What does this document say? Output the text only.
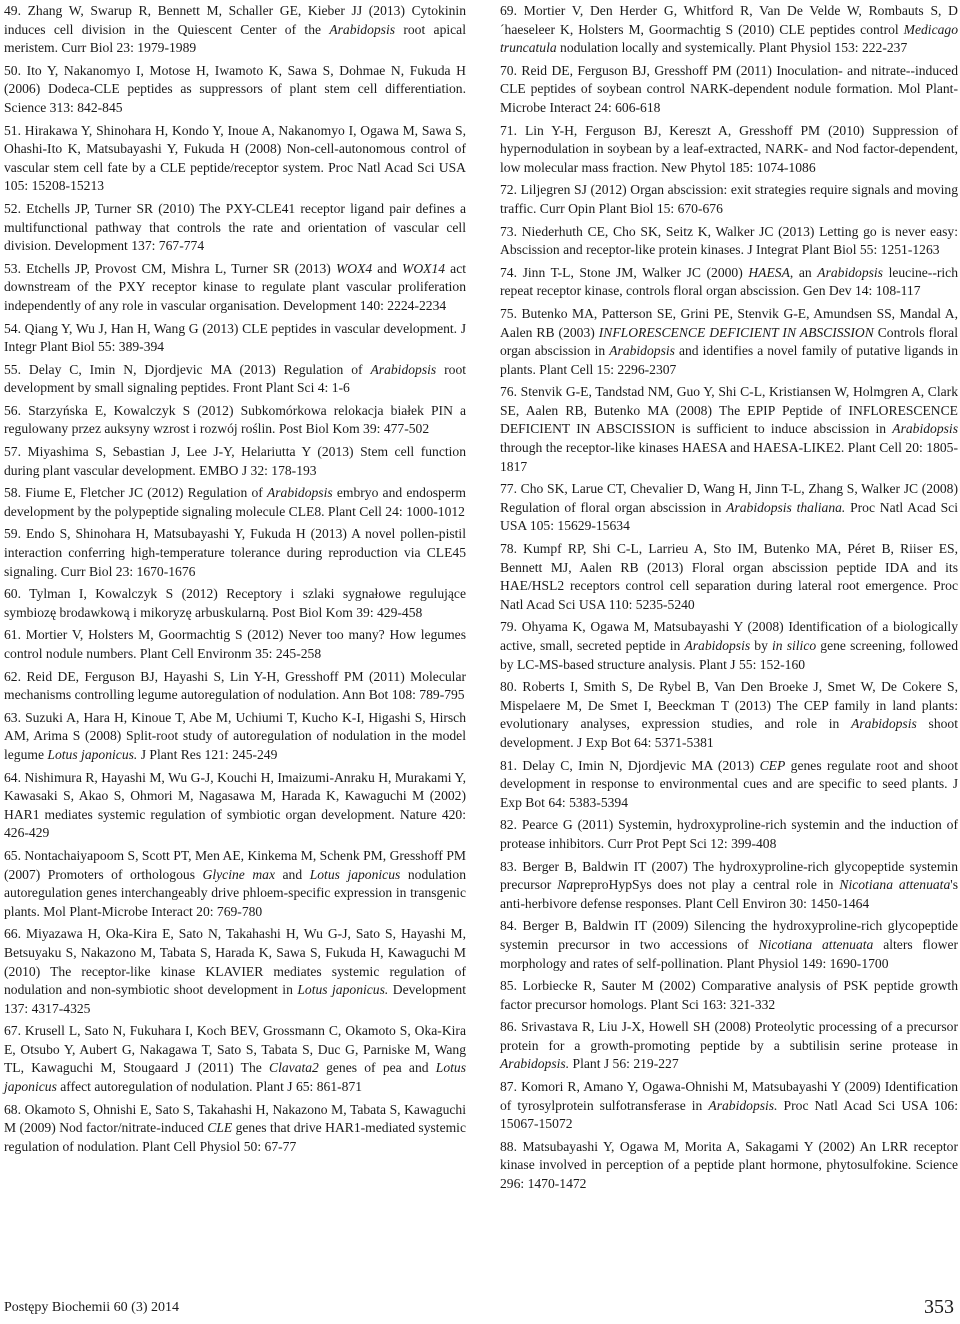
49. Zhang W, Swarup R, Bennett M, Schaller GE, Kieber JJ (2013) Cytokinin induces cell division in the Quiescent Center of the Arabidopsis root apical meristem. Curr Biol 23: 1979-1989

50. Ito Y, Nakanomyo I, Motose H, Iwamoto K, Sawa S, Dohmae N, Fukuda H (2006) Dodeca-CLE peptides as suppressors of plant stem cell differentiation. Science 313: 842-845

51. Hirakawa Y, Shinohara H, Kondo Y, Inoue A, Nakanomyo I, Ogawa M, Sawa S, Ohashi-Ito K, Matsubayashi Y, Fukuda H (2008) Non-cell-autonomous control of vascular stem cell fate by a CLE peptide/receptor system. Proc Natl Acad Sci USA 105: 15208-15213

52. Etchells JP, Turner SR (2010) The PXY-CLE41 receptor ligand pair defines a multifunctional pathway that controls the rate and orientation of vascular cell division. Development 137: 767-774

53. Etchells JP, Provost CM, Mishra L, Turner SR (2013) WOX4 and WOX14 act downstream of the PXY receptor kinase to regulate plant vascular proliferation independently of any role in vascular organisation. Development 140: 2224-2234

54. Qiang Y, Wu J, Han H, Wang G (2013) CLE peptides in vascular development. J Integr Plant Biol 55: 389-394

55. Delay C, Imin N, Djordjevic MA (2013) Regulation of Arabidopsis root development by small signaling peptides. Front Plant Sci 4: 1-6

56. Starzyńska E, Kowalczyk S (2012) Subkomórkowa relokacja białek PIN a regulowany przez auksyny wzrost i rozwój roślin. Post Biol Kom 39: 477-502

57. Miyashima S, Sebastian J, Lee J-Y, Helariutta Y (2013) Stem cell function during plant vascular development. EMBO J 32: 178-193

58. Fiume E, Fletcher JC (2012) Regulation of Arabidopsis embryo and endosperm development by the polypeptide signaling molecule CLE8. Plant Cell 24: 1000-1012

59. Endo S, Shinohara H, Matsubayashi Y, Fukuda H (2013) A novel pollen-pistil interaction conferring high-temperature tolerance during reproduction via CLE45 signaling. Curr Biol 23: 1670-1676

60. Tylman I, Kowalczyk S (2012) Receptory i szlaki sygnałowe regulujące symbiozę brodawkową i mikoryzę arbuskularną. Post Biol Kom 39: 429-458

61. Mortier V, Holsters M, Goormachtig S (2012) Never too many? How legumes control nodule numbers. Plant Cell Environm 35: 245-258

62. Reid DE, Ferguson BJ, Hayashi S, Lin Y-H, Gresshoff PM (2011) Molecular mechanisms controlling legume autoregulation of nodulation. Ann Bot 108: 789-795

63. Suzuki A, Hara H, Kinoue T, Abe M, Uchiumi T, Kucho K-I, Higashi S, Hirsch AM, Arima S (2008) Split-root study of autoregulation of nodulation in the model legume Lotus japonicus. J Plant Res 121: 245-249

64. Nishimura R, Hayashi M, Wu G-J, Kouchi H, Imaizumi-Anraku H, Murakami Y, Kawasaki S, Akao S, Ohmori M, Nagasawa M, Harada K, Kawaguchi M (2002) HAR1 mediates systemic regulation of symbiotic organ development. Nature 420: 426-429

65. Nontachaiyapoom S, Scott PT, Men AE, Kinkema M, Schenk PM, Gresshoff PM (2007) Promoters of orthologous Glycine max and Lotus japonicus nodulation autoregulation genes interchangeably drive phloem-specific expression in transgenic plants. Mol Plant-Microbe Interact 20: 769-780

66. Miyazawa H, Oka-Kira E, Sato N, Takahashi H, Wu G-J, Sato S, Hayashi M, Betsuyaku S, Nakazono M, Tabata S, Harada K, Sawa S, Fukuda H, Kawaguchi M (2010) The receptor-like kinase KLAVIER mediates systemic regulation of nodulation and non-symbiotic shoot development in Lotus japonicus. Development 137: 4317-4325

67. Krusell L, Sato N, Fukuhara I, Koch BEV, Grossmann C, Okamoto S, Oka-Kira E, Otsubo Y, Aubert G, Nakagawa T, Sato S, Tabata S, Duc G, Parniske M, Wang TL, Kawaguchi M, Stougaard J (2011) The Clavata2 genes of pea and Lotus japonicus affect autoregulation of nodulation. Plant J 65: 861-871

68. Okamoto S, Ohnishi E, Sato S, Takahashi H, Nakazono M, Tabata S, Kawaguchi M (2009) Nod factor/nitrate-induced CLE genes that drive HAR1-mediated systemic regulation of nodulation. Plant Cell Physiol 50: 67-77

69. Mortier V, Den Herder G, Whitford R, Van De Velde W, Rombauts S, D´haeseleer K, Holsters M, Goormachtig S (2010) CLE peptides control Medicago truncatula nodulation locally and systemically. Plant Physiol 153: 222-237

70. Reid DE, Ferguson BJ, Gresshoff PM (2011) Inoculation- and nitrate--induced CLE peptides of soybean control NARK-dependent nodule formation. Mol Plant-Microbe Interact 24: 606-618

71. Lin Y-H, Ferguson BJ, Kereszt A, Gresshoff PM (2010) Suppression of hypernodulation in soybean by a leaf-extracted, NARK- and Nod factor-dependent, low molecular mass fraction. New Phytol 185: 1074-1086

72. Liljegren SJ (2012) Organ abscission: exit strategies require signals and moving traffic. Curr Opin Plant Biol 15: 670-676

73. Niederhuth CE, Cho SK, Seitz K, Walker JC (2013) Letting go is never easy: Abscission and receptor-like protein kinases. J Integrat Plant Biol 55: 1251-1263

74. Jinn T-L, Stone JM, Walker JC (2000) HAESA, an Arabidopsis leucine--rich repeat receptor kinase, controls floral organ abscission. Gen Dev 14: 108-117

75. Butenko MA, Patterson SE, Grini PE, Stenvik G-E, Amundsen SS, Mandal A, Aalen RB (2003) INFLORESCENCE DEFICIENT IN ABSCISSION Controls floral organ abscission in Arabidopsis and identifies a novel family of putative ligands in plants. Plant Cell 15: 2296-2307

76. Stenvik G-E, Tandstad NM, Guo Y, Shi C-L, Kristiansen W, Holmgren A, Clark SE, Aalen RB, Butenko MA (2008) The EPIP Peptide of INFLORESCENCE DEFICIENT IN ABSCISSION is sufficient to induce abscission in Arabidopsis through the receptor-like kinases HAESA and HAESA-LIKE2. Plant Cell 20: 1805-1817

77. Cho SK, Larue CT, Chevalier D, Wang H, Jinn T-L, Zhang S, Walker JC (2008) Regulation of floral organ abscission in Arabidopsis thaliana. Proc Natl Acad Sci USA 105: 15629-15634

78. Kumpf RP, Shi C-L, Larrieu A, Sto IM, Butenko MA, Péret B, Riiser ES, Bennett MJ, Aalen RB (2013) Floral organ abscission peptide IDA and its HAE/HSL2 receptors control cell separation during lateral root emergence. Proc Natl Acad Sci USA 110: 5235-5240

79. Ohyama K, Ogawa M, Matsubayashi Y (2008) Identification of a biologically active, small, secreted peptide in Arabidopsis by in silico gene screening, followed by LC-MS-based structure analysis. Plant J 55: 152-160

80. Roberts I, Smith S, De Rybel B, Van Den Broeke J, Smet W, De Cokere S, Mispelaere M, De Smet I, Beeckman T (2013) The CEP family in land plants: evolutionary analyses, expression studies, and role in Arabidopsis shoot development. J Exp Bot 64: 5371-5381

81. Delay C, Imin N, Djordjevic MA (2013) CEP genes regulate root and shoot development in response to environmental cues and are specific to seed plants. J Exp Bot 64: 5383-5394

82. Pearce G (2011) Systemin, hydroxyproline-rich systemin and the induction of protease inhibitors. Curr Prot Pept Sci 12: 399-408

83. Berger B, Baldwin IT (2007) The hydroxyproline-rich glycopeptide systemin precursor NapreproHypSys does not play a central role in Nicotiana attenuata's anti-herbivore defense responses. Plant Cell Environ 30: 1450-1464

84. Berger B, Baldwin IT (2009) Silencing the hydroxyproline-rich glycopeptide systemin precursor in two accessions of Nicotiana attenuata alters flower morphology and rates of self-pollination. Plant Physiol 149: 1690-1700

85. Lorbiecke R, Sauter M (2002) Comparative analysis of PSK peptide growth factor precursor homologs. Plant Sci 163: 321-332

86. Srivastava R, Liu J-X, Howell SH (2008) Proteolytic processing of a precursor protein for a growth-promoting peptide by a subtilisin serine protease in Arabidopsis. Plant J 56: 219-227

87. Komori R, Amano Y, Ogawa-Ohnishi M, Matsubayashi Y (2009) Identification of tyrosylprotein sulfotransferase in Arabidopsis. Proc Natl Acad Sci USA 106: 15067-15072

88. Matsubayashi Y, Ogawa M, Morita A, Sakagami Y (2002) An LRR receptor kinase involved in perception of a peptide plant hormone, phytosulfokine. Science 296: 1470-1472

Postępy Biochemii 60 (3) 2014	353
